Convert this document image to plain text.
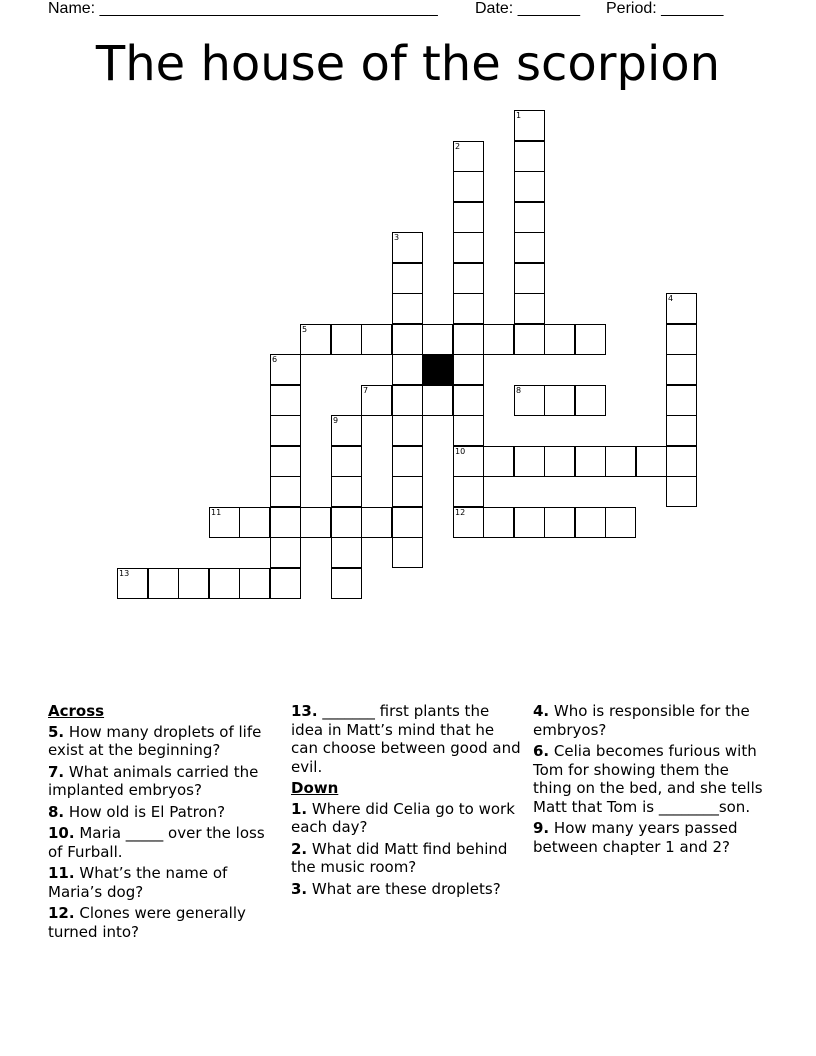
Name: ______________________________________ Date: _______ Period: _______
The house of the scorpion
1
2
10
12
3
4
5
6
7	8
9
11
13
Across
5. How many droplets of life exist at the beginning?
7. What animals carried the implanted embryos?
8. How old is El Patron?
10. Maria _____ over the loss of Furball.
11. What’s the name of Maria’s dog?
12. Clones were generally turned into?
13. _______ first plants the idea in Matt’s mind that he can choose between good and evil.
Down
1. Where did Celia go to work each day?
2. What did Matt find behind the music room?
3. What are these droplets?
4. Who is responsible for the embryos?
6. Celia becomes furious with Tom for showing them the thing on the bed, and she tells Matt that Tom is ________son.
9. How many years passed between chapter 1 and 2?
